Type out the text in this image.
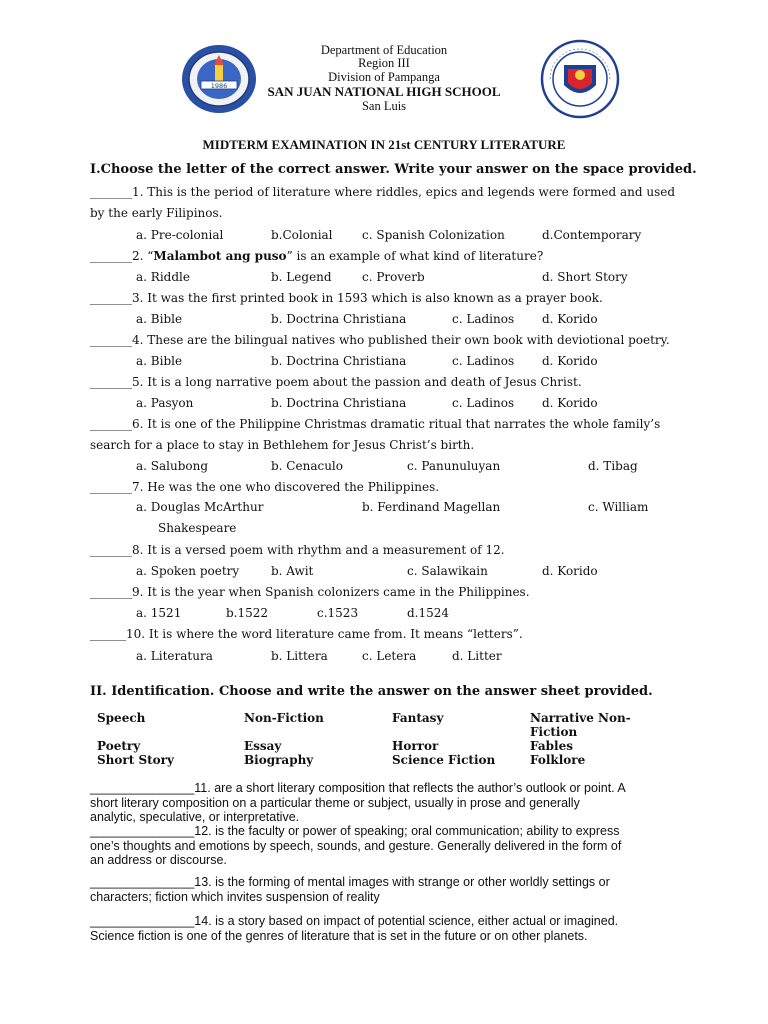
1986
Department of Education
Region III
Division of Pampanga
SAN JUAN NATIONAL HIGH SCHOOL
San Luis
MIDTERM EXAMINATION IN 21st CENTURY LITERATURE
I.Choose the letter of the correct answer. Write your answer on the space provided.
_______1. This is the period of literature where riddles, epics and legends were formed and used
by the early Filipinos.
a. Pre-colonial	b.Colonial c. Spanish Colonization	d.Contemporary
_______2. “Malambot ang puso” is an example of what kind of literature?
a. Riddle	b. Legend	c. Proverb	d. Short Story
_______3. It was the first printed book in 1593 which is also known as a prayer book.
a. Bible	b. Doctrina Christiana	c. Ladinos d. Korido
_______4. These are the bilingual natives who published their own book with deviotional poetry.
a. Bible	b. Doctrina Christiana	c. Ladinos d. Korido
_______5. It is a long narrative poem about the passion and death of Jesus Christ.
a. Pasyon	b. Doctrina Christiana	c. Ladinos d. Korido
_______6. It is one of the Philippine Christmas dramatic ritual that narrates the whole family’s
search for a place to stay in Bethlehem for Jesus Christ’s birth.
a. Salubong	b. Cenaculo	c. Panunuluyan	d. Tibag
_______7. He was the one who discovered the Philippines.
a. Douglas McArthur	b. Ferdinand Magellan	c. William
Shakespeare
_______8. It is a versed poem with rhythm and a measurement of 12.
a. Spoken poetry	b. Awit	c. Salawikain	d. Korido
_______9. It is the year when Spanish colonizers came in the Philippines.
a. 1521	b.1522	c.1523	d.1524
______10. It is where the word literature came from. It means “letters”.
a. Literatura	b. Littera	c. Letera	d. Litter
II. Identification. Choose and write the answer on the answer sheet provided.
Speech	Non-Fiction	Fantasy	Narrative Non-
Fiction
Poetry	Essay	Horror	Fables
Short Story	Biography	Science Fiction	Folklore
_______________11. are a short literary composition that reflects the author’s outlook or point. A
short literary composition on a particular theme or subject, usually in prose and generally
analytic, speculative, or interpretative.
_______________12. is the faculty or power of speaking; oral communication; ability to express
one’s thoughts and emotions by speech, sounds, and gesture. Generally delivered in the form of
an address or discourse.
_______________13. is the forming of mental images with strange or other worldly settings or
characters; fiction which invites suspension of reality
_______________14. is a story based on impact of potential science, either actual or imagined.
Science fiction is one of the genres of literature that is set in the future or on other planets.
